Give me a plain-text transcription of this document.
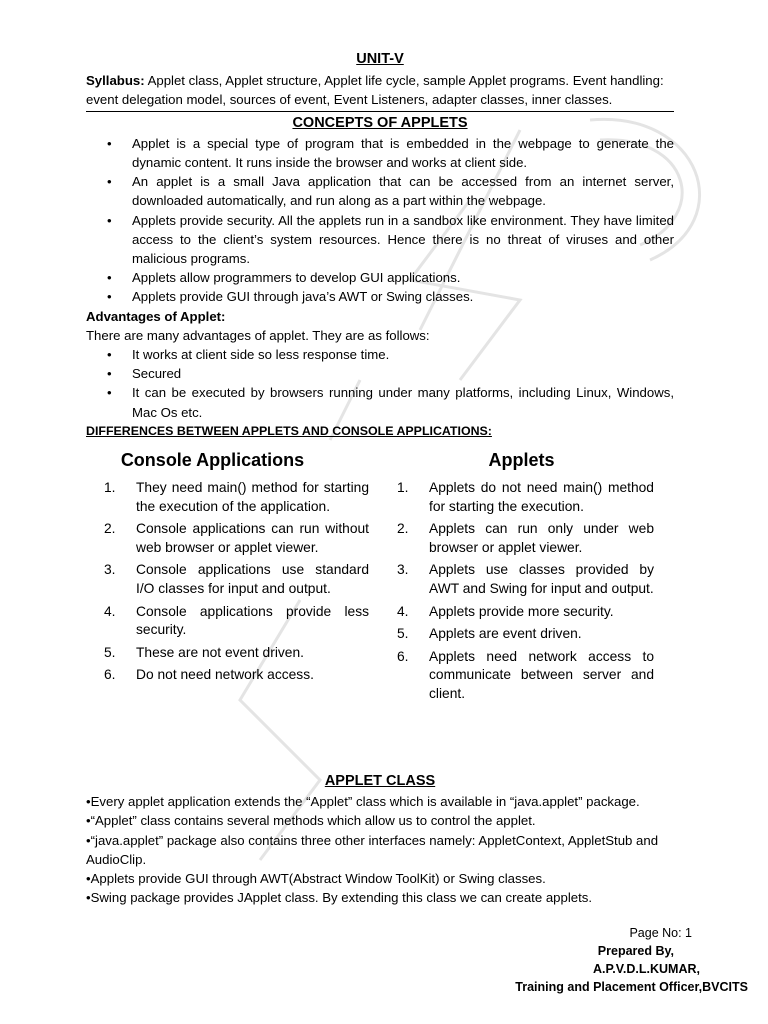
UNIT-V

Syllabus: Applet class, Applet structure, Applet life cycle, sample Applet programs. Event handling: event delegation model, sources of event, Event Listeners, adapter classes, inner classes.

CONCEPTS OF APPLETS
• Applet is a special type of program that is embedded in the webpage to generate the dynamic content. It runs inside the browser and works at client side.
• An applet is a small Java application that can be accessed from an internet server, downloaded automatically, and run along as a part within the webpage.
• Applets provide security. All the applets run in a sandbox like environment. They have limited access to the client’s system resources. Hence there is no threat of viruses and other malicious programs.
• Applets allow programmers to develop GUI applications.
• Applets provide GUI through java’s AWT or Swing classes.

Advantages of Applet:

There are many advantages of applet. They are as follows:

• It works at client side so less response time.
• Secured
• It can be executed by browsers running under many platforms, including Linux, Windows, Mac Os etc.

DIFFERENCES BETWEEN APPLETS AND CONSOLE APPLICATIONS:

Console Applications
1. They need main() method for starting the execution of the application.
2. Console applications can run without web browser or applet viewer.
3. Console applications use standard I/O classes for input and output.
4. Console applications provide less security.
5. These are not event driven.
6. Do not need network access.
Applets
1. Applets do not need main() method for starting the execution.
2. Applets can run only under web browser or applet viewer.
3. Applets use classes provided by AWT and Swing for input and output.
4. Applets provide more security.
5. Applets are event driven.
6. Applets need network access to communicate between server and client.
APPLET CLASS

•Every applet application extends the “Applet” class which is available in “java.applet” package.

•“Applet” class contains several methods which allow us to control the applet.

•“java.applet” package also contains three other interfaces namely: AppletContext, AppletStub and AudioClip.

•Applets provide GUI through AWT(Abstract Window ToolKit) or Swing classes.

•Swing package provides JApplet class. By extending this class we can create applets.

Page No: 1
Prepared By,
A.P.V.D.L.KUMAR,
Training and Placement Officer,BVCITS
